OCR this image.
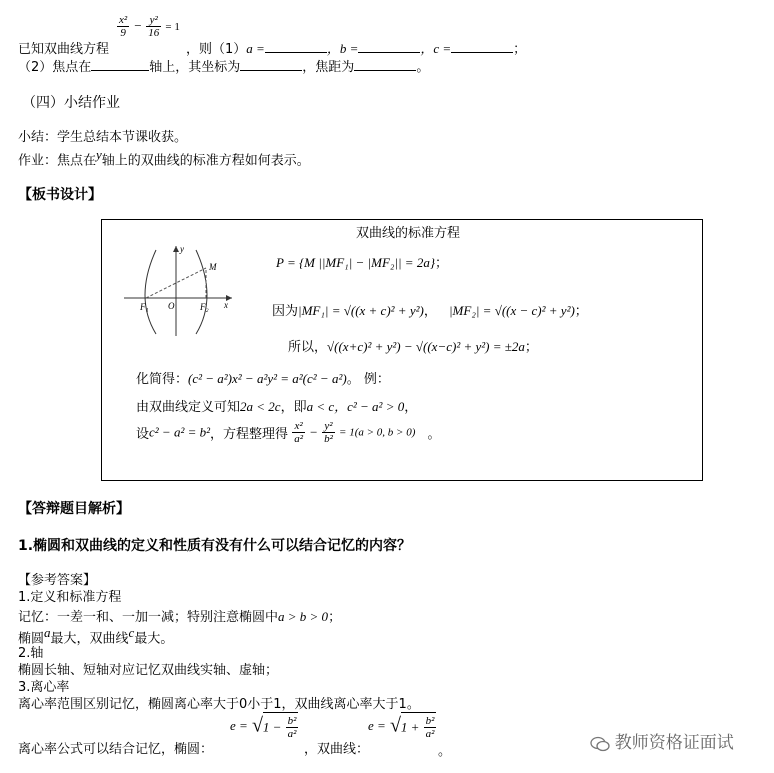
已知双曲线方程
$\frac{\text{x²}}{9} - \frac{\text{y²}}{16} = 1$
，则（1）a =	，b =	，c =	；
（2）焦点在	轴上，其坐标为	，焦距为	。
（四）小结作业
小结：学生总结本节课收获。
作业：焦点在$^y$轴上的双曲线的标准方程如何表示。
【板书设计】
双曲线的标准方程
y
x
M
O
F₁	F₂
P = {M ||MF₁| − |MF₂|| = 2a}；
因为|MF₁| = √((x + c)² + y²)， |MF₂| = √((x − c)² + y²)；
所以，√((x+c)² + y²) − √((x−c)² + y²) = ±2a；
化简得：(c² − a²)x² − a²y² = a²(c² − a²)。 例：
由双曲线定义可知2a < 2c，即a < c，c² − a² > 0，
设c² − a² = b²，方程整理得 $\frac{\text{x²}}{\text{a²}} - \frac{\text{y²}}{\text{b²}} = 1(a > 0$, b > 0) 。
【答辩题目解析】
1.椭圆和双曲线的定义和性质有没有什么可以结合记忆的内容？
【参考答案】
1.定义和标准方程
记忆：一差一和、一加一减；特别注意椭圆中a > b > 0；
椭圆$^a$最大，双曲线$^c$最大。
2.轴
椭圆长轴、短轴对应记忆双曲线实轴、虚轴；
3.离心率
离心率范围区别记忆，椭圆离心率大于0小于1，双曲线离心率大于1。
离心率公式可以结合记忆，椭圆：
$e = √1 - \frac{\text{b²}}{\text{a²}}$
，双曲线：
$e = √1 + \frac{\text{b²}}{\text{a²}}$
。	教师资格证面试
